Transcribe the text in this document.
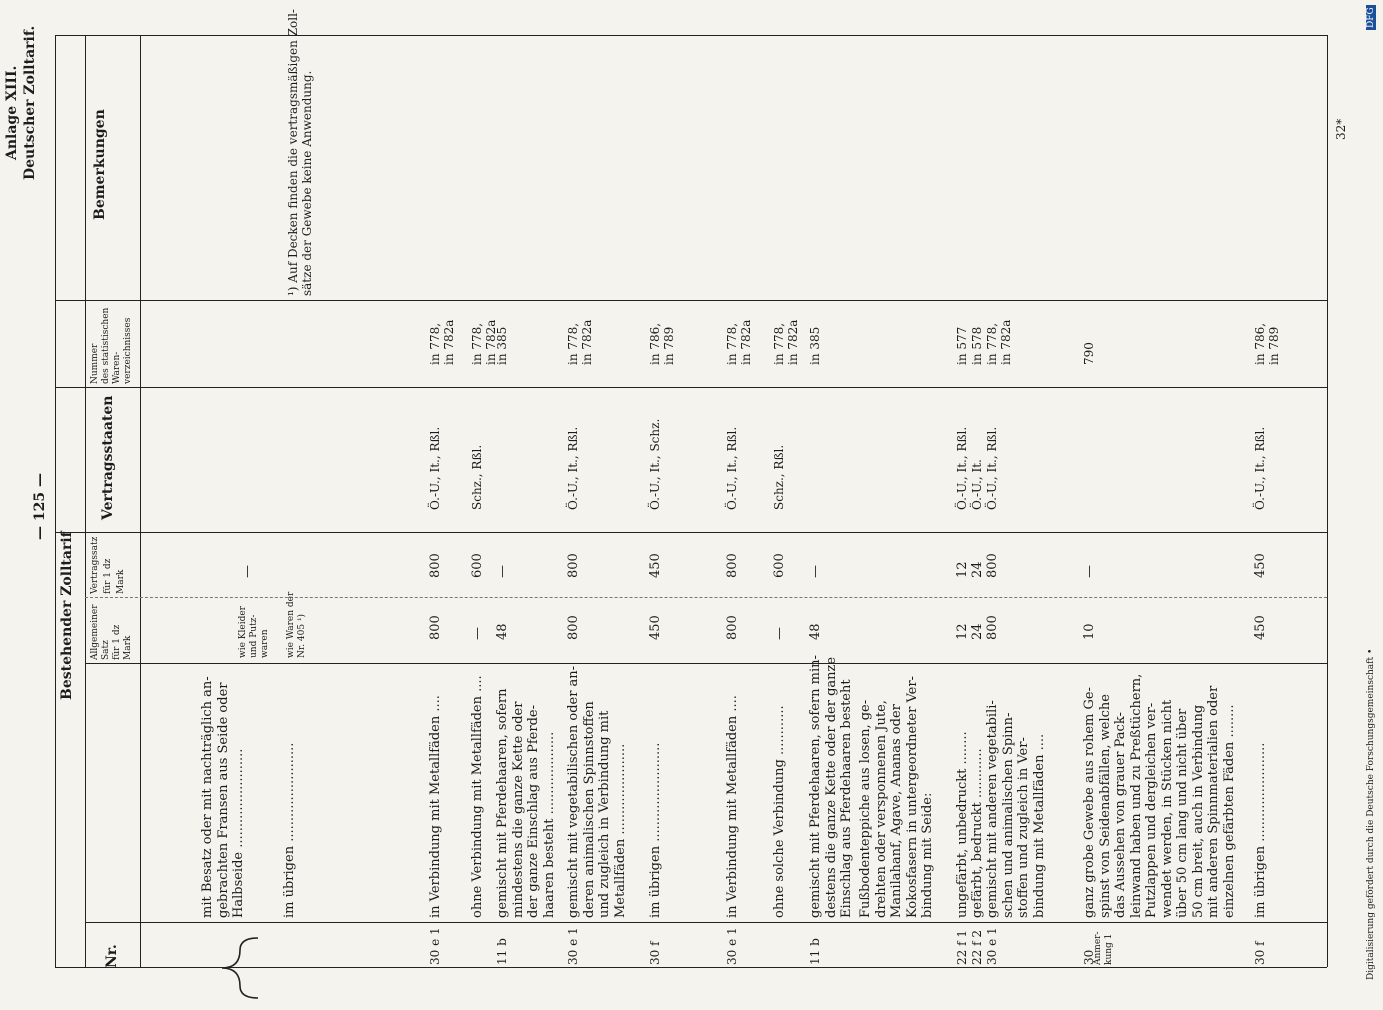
— 125 —
Anlage XIII. Deutscher Zolltarif.
Nr.
Bestehender Zolltarif Allgemeiner Satz für 1 dz Mark
Vertragssatz für 1 dz Mark
Vertragsstaaten
Nummer des statistischen Waren- verzeichnisses
Bemerkungen	¹) Auf Decken finden die vertragsmäßigen Zoll- sätze der Gewebe keine Anwendung.
wie Kleider und Putz- waren wie Waren der Nr. 405 ¹)
mit Besatz oder mit nachträglich an- gebrachten Fransen aus Seide oder Halbseide ........................
—
im übrigen ........................
30 e 1
in Verbindung mit Metallfäden ....
800
800
Ö.-U., It., Rßl.
in 778, in 782a
ohne Verbindung mit Metallfäden ....
—
600
Schz., Rßl.
in 778, in 782a
11 b
gemischt mit Pferdehaaren, sofern mindestens die ganze Kette oder der ganze Einschlag aus Pferde- haaren besteht ....................
48
—
in 385
30 e 1
gemischt mit vegetabilischen oder an- deren animalischen Spinnstoffen und zugleich in Verbindung mit Metallfäden ......................
800
800
Ö.-U., It., Rßl.
in 778, in 782a
30 f
im übrigen ........................
450
450
Ö.-U., It., Schz.
in 786, in 789
30 e 1
in Verbindung mit Metallfäden ....
800
800
Ö.-U., It., Rßl.
in 778, in 782a
ohne solche Verbindung ............
—
600
Schz., Rßl.
in 778, in 782a
11 b
gemischt mit Pferdehaaren, sofern min- destens die ganze Kette oder der ganze Einschlag aus Pferdehaaren besteht
48
—
in 385
Fußbodenteppiche aus losen, ge- drehten oder versponnenen Jute, Manilahanf, Agave, Ananas oder Kokosfasern in untergeordneter Ver- bindung mit Seide:
22 f 1
ungefärbt, unbedruckt ........
12
12
Ö.-U., It., Rßl.
in 577
22 f 2
gefärbt, bedruckt ............
24
24
Ö.-U., It.
in 578
30 e 1
gemischt mit anderen vegetabili- schen und animalischen Spinn- stoffen und zugleich in Ver- bindung mit Metallfäden ....
800
800
Ö.-U., It., Rßl.
in 778, in 782a
30
Anmer- kung 1
ganz grobe Gewebe aus rohem Ge- spinst von Seidenabfällen, welche das Aussehen von grauer Pack- leinwand haben und zu Preßtüchern, Putzlappen und dergleichen ver- wendet werden, in Stücken nicht über 50 cm lang und nicht über 50 cm breit, auch in Verbindung mit anderen Spinnmaterialien oder einzelnen gefärbten Fäden ........
10
—
790
30 f
im übrigen ........................
450
450
Ö.-U., It., Rßl.
in 786, in 789
32*
Digitalisierung gefördert durch die Deutsche Forschungsgemeinschaft •
DFG
